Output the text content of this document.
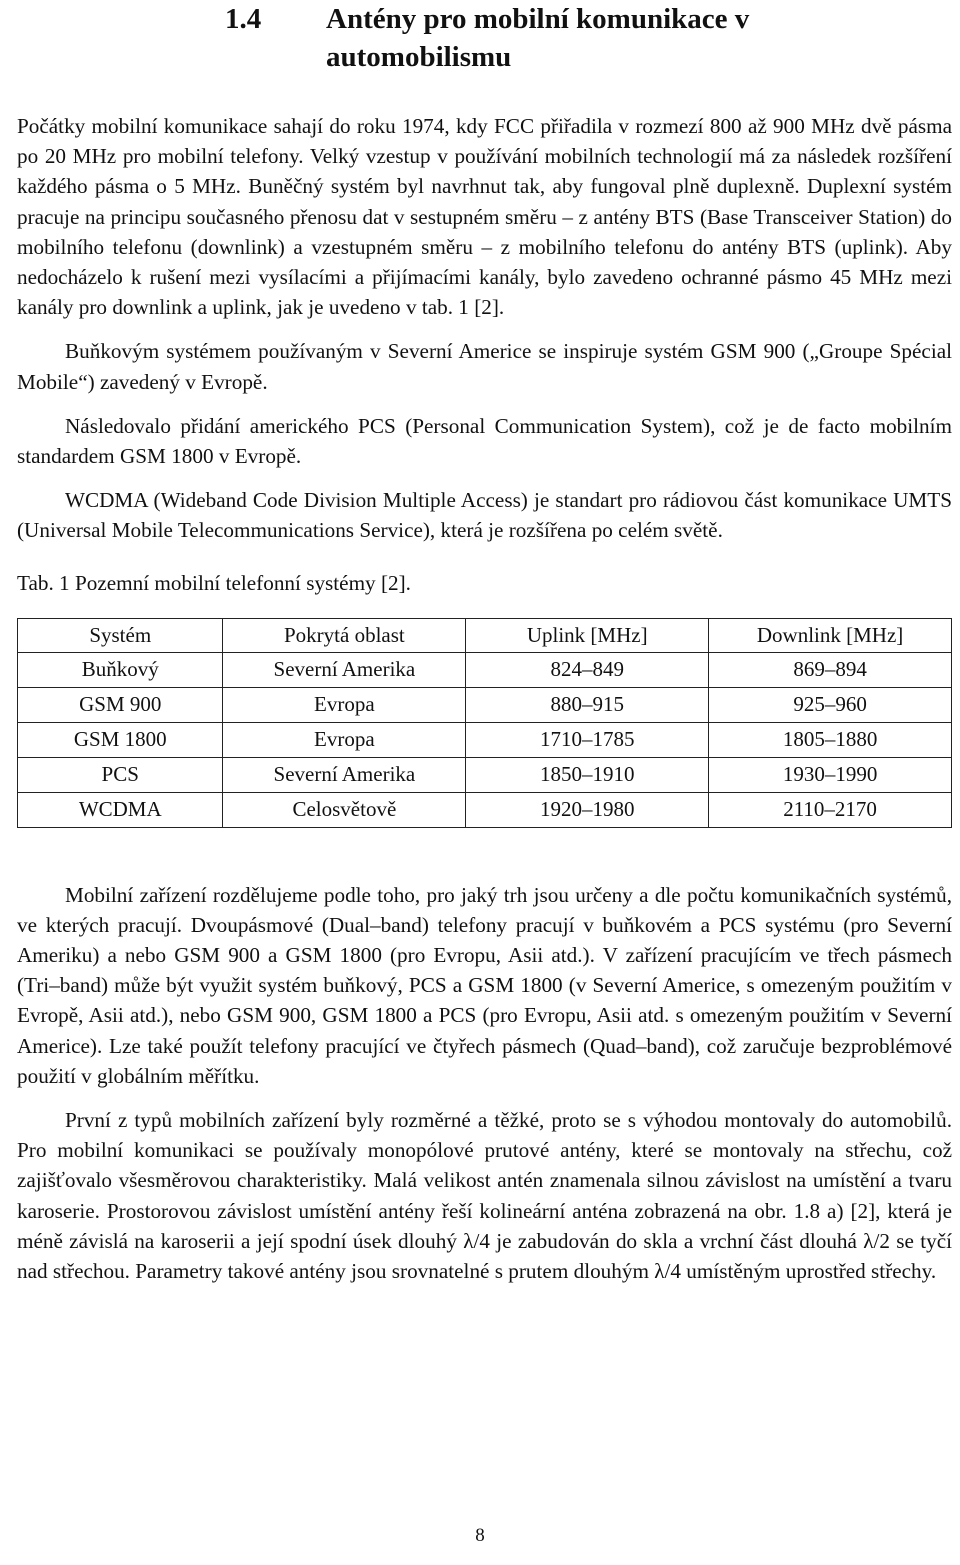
1.4	Antény pro mobilní komunikace v automobilismu

Počátky mobilní komunikace sahají do roku 1974, kdy FCC přiřadila v rozmezí 800 až 900 MHz dvě pásma po 20 MHz pro mobilní telefony. Velký vzestup v používání mobilních technologií má za následek rozšíření každého pásma o 5 MHz. Buněčný systém byl navrhnut tak, aby fungoval plně duplexně. Duplexní systém pracuje na principu současného přenosu dat v sestupném směru – z antény BTS (Base Transceiver Station) do mobilního telefonu (downlink) a vzestupném směru – z mobilního telefonu do antény BTS (uplink). Aby nedocházelo k rušení mezi vysílacími a přijímacími kanály, bylo zavedeno ochranné pásmo 45 MHz mezi kanály pro downlink a uplink, jak je uvedeno v tab. 1 [2].

Buňkovým systémem používaným v Severní Americe se inspiruje systém GSM 900 („Groupe Spécial Mobile“) zavedený v Evropě.

Následovalo přidání amerického PCS (Personal Communication System), což je de facto mobilním standardem GSM 1800 v Evropě.

WCDMA (Wideband Code Division Multiple Access) je standart pro rádiovou část komunikace UMTS (Universal Mobile Telecommunications Service), která je rozšířena po celém světě.

Tab. 1 Pozemní mobilní telefonní systémy [2].
Systém	Pokrytá oblast	Uplink [MHz]	Downlink [MHz]
Buňkový	Severní Amerika	824–849	869–894
GSM 900	Evropa	880–915	925–960
GSM 1800	Evropa	1710–1785	1805–1880
PCS	Severní Amerika	1850–1910	1930–1990
WCDMA	Celosvětově	1920–1980	2110–2170

Mobilní zařízení rozdělujeme podle toho, pro jaký trh jsou určeny a dle počtu komunikačních systémů, ve kterých pracují. Dvoupásmové (Dual–band) telefony pracují v buňkovém a PCS systému (pro Severní Ameriku) a nebo GSM 900 a GSM 1800 (pro Evropu, Asii atd.). V zařízení pracujícím ve třech pásmech (Tri–band) může být využit systém buňkový, PCS a GSM 1800 (v Severní Americe, s omezeným použitím v Evropě, Asii atd.), nebo GSM 900, GSM 1800 a PCS (pro Evropu, Asii atd. s omezeným použitím v Severní Americe). Lze také použít telefony pracující ve čtyřech pásmech (Quad–band), což zaručuje bezproblémové použití v globálním měřítku.

První z typů mobilních zařízení byly rozměrné a těžké, proto se s výhodou montovaly do automobilů. Pro mobilní komunikaci se používaly monopólové prutové antény, které se montovaly na střechu, což zajišťovalo všesměrovou charakteristiky. Malá velikost antén znamenala silnou závislost na umístění a tvaru karoserie. Prostorovou závislost umístění antény řeší kolineární anténa zobrazená na obr. 1.8 a) [2], která je méně závislá na karoserii a její spodní úsek dlouhý λ/4 je zabudován do skla a vrchní část dlouhá λ/2 se tyčí nad střechou. Parametry takové antény jsou srovnatelné s prutem dlouhým λ/4 umístěným uprostřed střechy.

8
